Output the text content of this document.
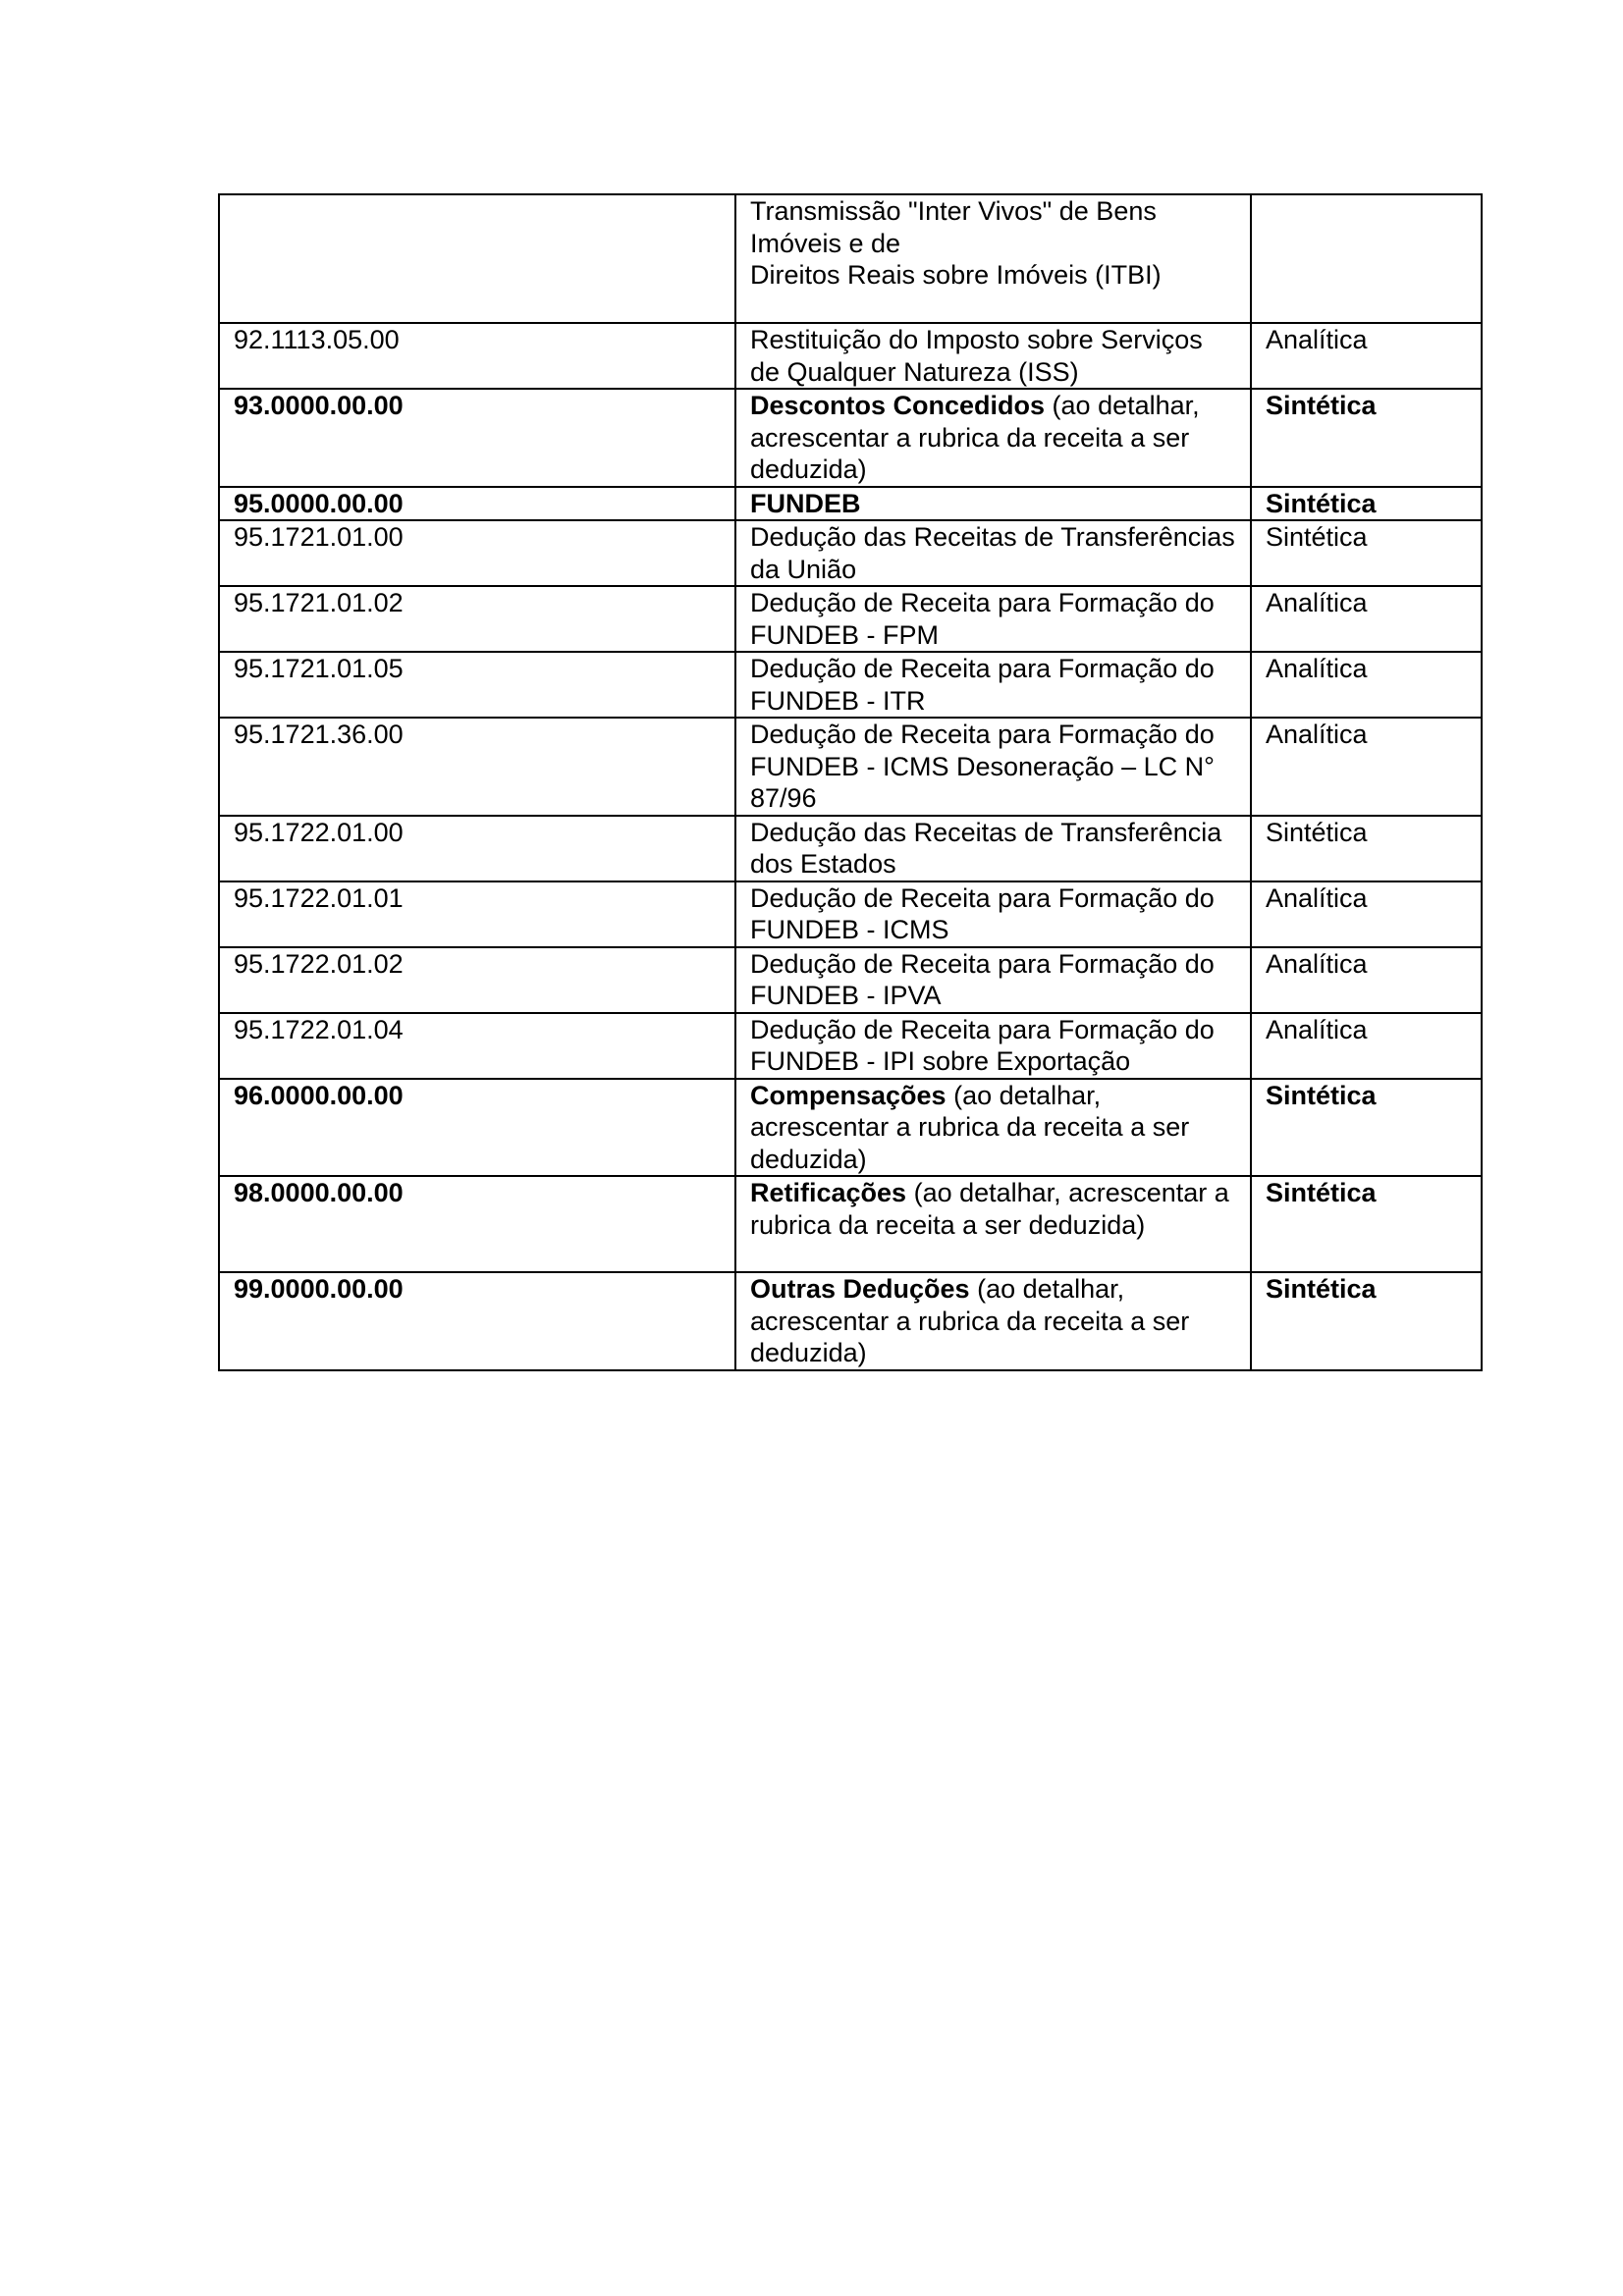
	Transmissão "Inter Vivos" de Bens
Imóveis e de
Direitos Reais sobre Imóveis (ITBI)	

92.1113.05.00	Restituição do Imposto sobre Serviços de Qualquer Natureza (ISS)	Analítica
93.0000.00.00	Descontos Concedidos (ao detalhar, acrescentar a rubrica da receita a ser deduzida)	Sintética
95.0000.00.00	FUNDEB	Sintética
95.1721.01.00	Dedução das Receitas de Transferências da União	Sintética
95.1721.01.02	Dedução de Receita para Formação do FUNDEB - FPM	Analítica
95.1721.01.05	Dedução de Receita para Formação do FUNDEB - ITR	Analítica
95.1721.36.00	Dedução de Receita para Formação do FUNDEB - ICMS Desoneração – LC N° 87/96	Analítica
95.1722.01.00	Dedução das Receitas de Transferência dos Estados	Sintética
95.1722.01.01	Dedução de Receita para Formação do FUNDEB - ICMS	Analítica
95.1722.01.02	Dedução de Receita para Formação do FUNDEB - IPVA	Analítica
95.1722.01.04	Dedução de Receita para Formação do FUNDEB - IPI sobre Exportação	Analítica
96.0000.00.00	Compensações (ao detalhar, acrescentar a rubrica da receita a ser deduzida)	Sintética
98.0000.00.00	Retificações (ao detalhar, acrescentar a rubrica da receita a ser deduzida)	Sintética
99.0000.00.00	Outras Deduções (ao detalhar, acrescentar a rubrica da receita a ser deduzida)	Sintética
